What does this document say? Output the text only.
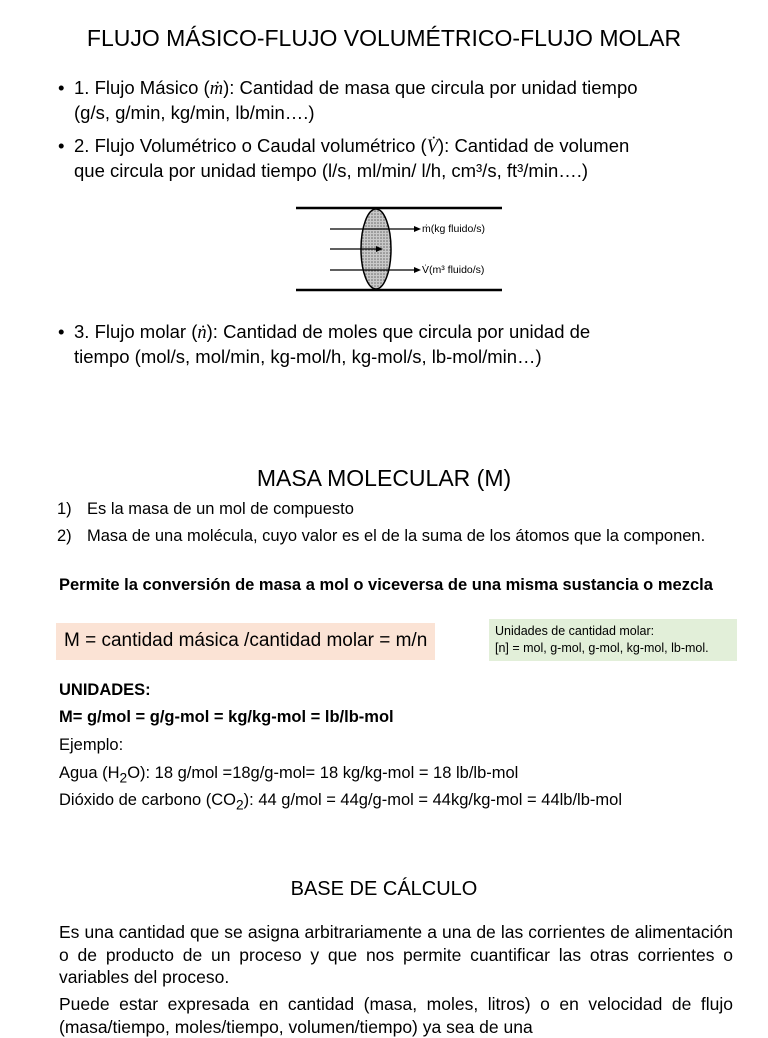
FLUJO MÁSICO-FLUJO VOLUMÉTRICO-FLUJO MOLAR
• 1. Flujo Másico (ṁ): Cantidad de masa que circula por unidad tiempo
(g/s, g/min, kg/min, lb/min….)
• 2. Flujo Volumétrico o Caudal volumétrico (V̇): Cantidad de volumen
que circula por unidad tiempo (l/s, ml/min/ l/h, cm³/s, ft³/min….)
ṁ(kg fluido/s)
V̇(m³ fluido/s)
• 3. Flujo molar (ṅ): Cantidad de moles que circula por unidad de
tiempo (mol/s, mol/min, kg-mol/h, kg-mol/s, lb-mol/min…)
MASA MOLECULAR (M)
1) Es la masa de un mol de compuesto
2) Masa de una molécula, cuyo valor es el de la suma de los átomos que la componen.
Permite la conversión de masa a mol o viceversa de una misma sustancia o mezcla
M = cantidad másica /cantidad molar = m/n	Unidades de cantidad molar:
[n] = mol, g-mol, g-mol, kg-mol, lb-mol.
UNIDADES:
M= g/mol = g/g-mol = kg/kg-mol = lb/lb-mol
Ejemplo:
Agua $(H_2O)$: 18 g/mol =18g/g-mol= 18 kg/kg-mol = 18 lb/lb-mol
Dióxido de carbono $(CO_2)$: 44 g/mol = 44g/g-mol = 44kg/kg-mol = 44lb/lb-mol
BASE DE CÁLCULO
Es una cantidad que se asigna arbitrariamente a una de las corrientes de alimentación o de producto de un proceso y que nos permite cuantificar las otras corrientes o variables del proceso.
Puede estar expresada en cantidad (masa, moles, litros) o en velocidad de flujo (masa/tiempo, moles/tiempo, volumen/tiempo) ya sea de una
